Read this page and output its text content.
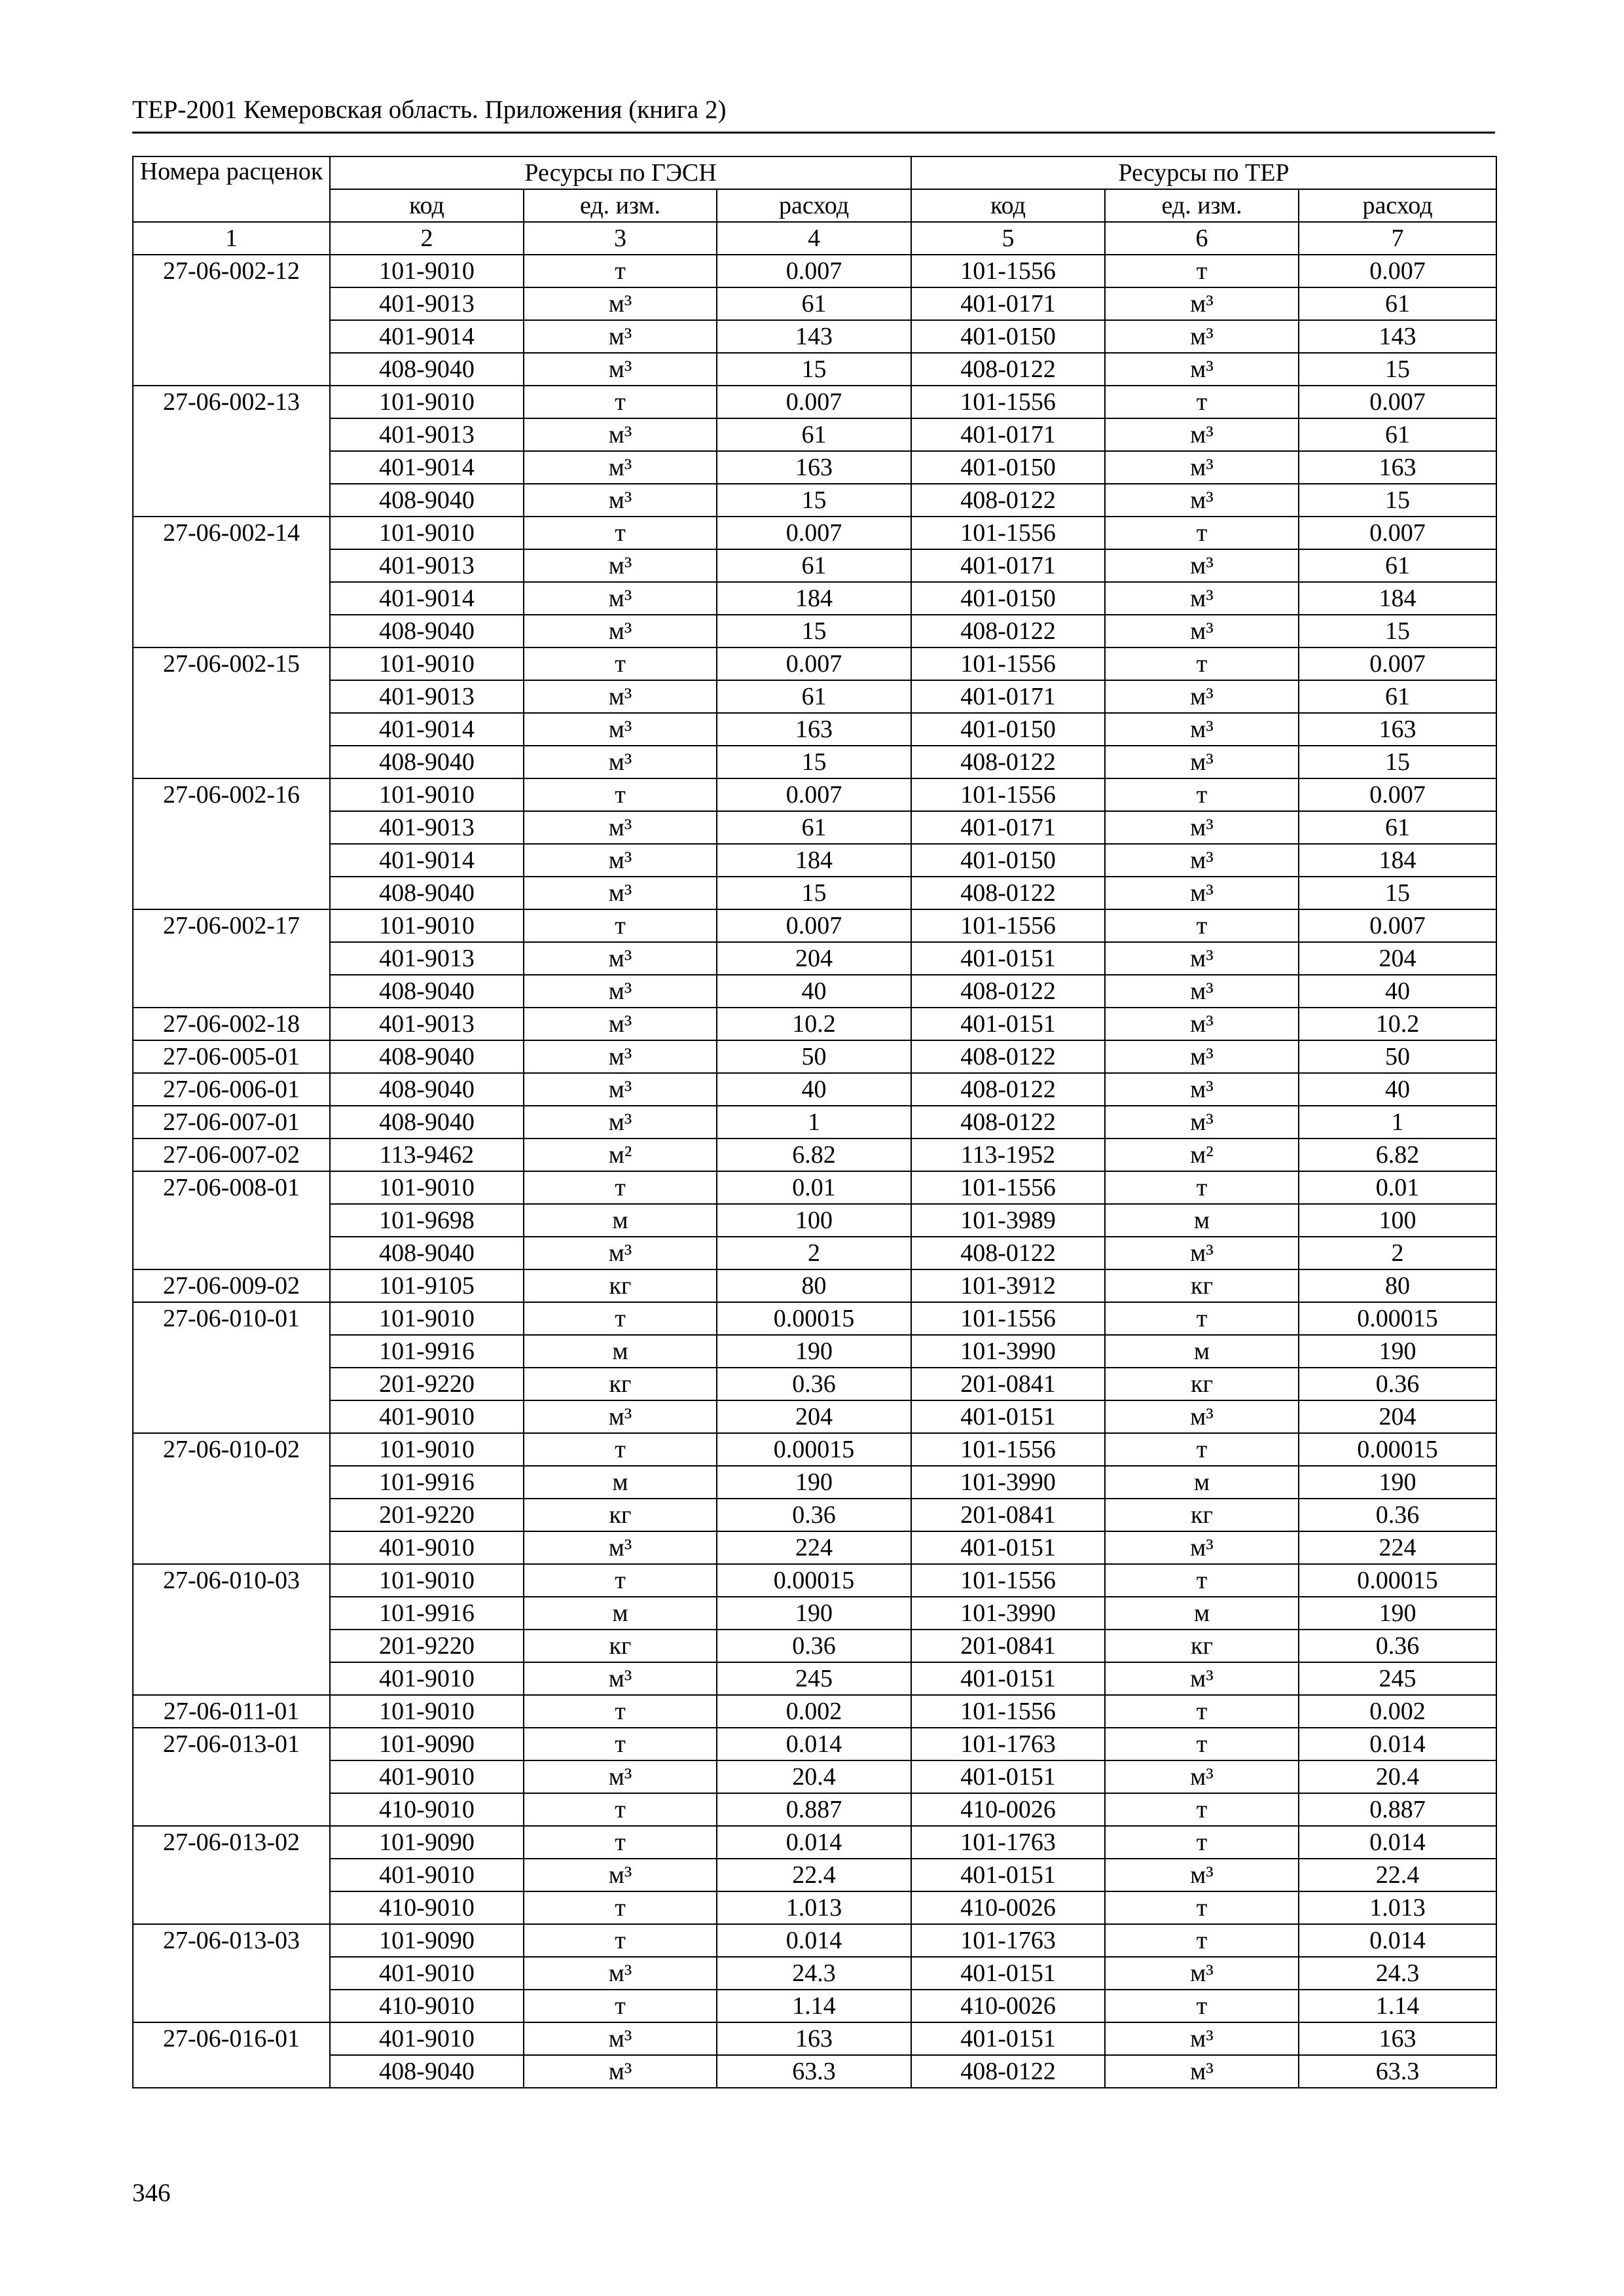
ТЕР-2001 Кемеровская область. Приложения (книга 2)
Номера расценок	Ресурсы по ГЭСН			Ресурсы по ТЕР		
	код	ед. изм.	расход	код	ед. изм.	расход
1	2	3	4	5	6	7
27-06-002-12	101-9010	т	0.007	101-1556	т	0.007
	401-9013	м³	61	401-0171	м³	61
	401-9014	м³	143	401-0150	м³	143
	408-9040	м³	15	408-0122	м³	15
27-06-002-13	101-9010	т	0.007	101-1556	т	0.007
	401-9013	м³	61	401-0171	м³	61
	401-9014	м³	163	401-0150	м³	163
	408-9040	м³	15	408-0122	м³	15
27-06-002-14	101-9010	т	0.007	101-1556	т	0.007
	401-9013	м³	61	401-0171	м³	61
	401-9014	м³	184	401-0150	м³	184
	408-9040	м³	15	408-0122	м³	15
27-06-002-15	101-9010	т	0.007	101-1556	т	0.007
	401-9013	м³	61	401-0171	м³	61
	401-9014	м³	163	401-0150	м³	163
	408-9040	м³	15	408-0122	м³	15
27-06-002-16	101-9010	т	0.007	101-1556	т	0.007
	401-9013	м³	61	401-0171	м³	61
	401-9014	м³	184	401-0150	м³	184
	408-9040	м³	15	408-0122	м³	15
27-06-002-17	101-9010	т	0.007	101-1556	т	0.007
	401-9013	м³	204	401-0151	м³	204
	408-9040	м³	40	408-0122	м³	40
27-06-002-18	401-9013	м³	10.2	401-0151	м³	10.2
27-06-005-01	408-9040	м³	50	408-0122	м³	50
27-06-006-01	408-9040	м³	40	408-0122	м³	40
27-06-007-01	408-9040	м³	1	408-0122	м³	1
27-06-007-02	113-9462	м²	6.82	113-1952	м²	6.82
27-06-008-01	101-9010	т	0.01	101-1556	т	0.01
	101-9698	м	100	101-3989	м	100
	408-9040	м³	2	408-0122	м³	2
27-06-009-02	101-9105	кг	80	101-3912	кг	80
27-06-010-01	101-9010	т	0.00015	101-1556	т	0.00015
	101-9916	м	190	101-3990	м	190
	201-9220	кг	0.36	201-0841	кг	0.36
	401-9010	м³	204	401-0151	м³	204
27-06-010-02	101-9010	т	0.00015	101-1556	т	0.00015
	101-9916	м	190	101-3990	м	190
	201-9220	кг	0.36	201-0841	кг	0.36
	401-9010	м³	224	401-0151	м³	224
27-06-010-03	101-9010	т	0.00015	101-1556	т	0.00015
	101-9916	м	190	101-3990	м	190
	201-9220	кг	0.36	201-0841	кг	0.36
	401-9010	м³	245	401-0151	м³	245
27-06-011-01	101-9010	т	0.002	101-1556	т	0.002
27-06-013-01	101-9090	т	0.014	101-1763	т	0.014
	401-9010	м³	20.4	401-0151	м³	20.4
	410-9010	т	0.887	410-0026	т	0.887
27-06-013-02	101-9090	т	0.014	101-1763	т	0.014
	401-9010	м³	22.4	401-0151	м³	22.4
	410-9010	т	1.013	410-0026	т	1.013
27-06-013-03	101-9090	т	0.014	101-1763	т	0.014
	401-9010	м³	24.3	401-0151	м³	24.3
	410-9010	т	1.14	410-0026	т	1.14
27-06-016-01	401-9010	м³	163	401-0151	м³	163
	408-9040	м³	63.3	408-0122	м³	63.3
346
